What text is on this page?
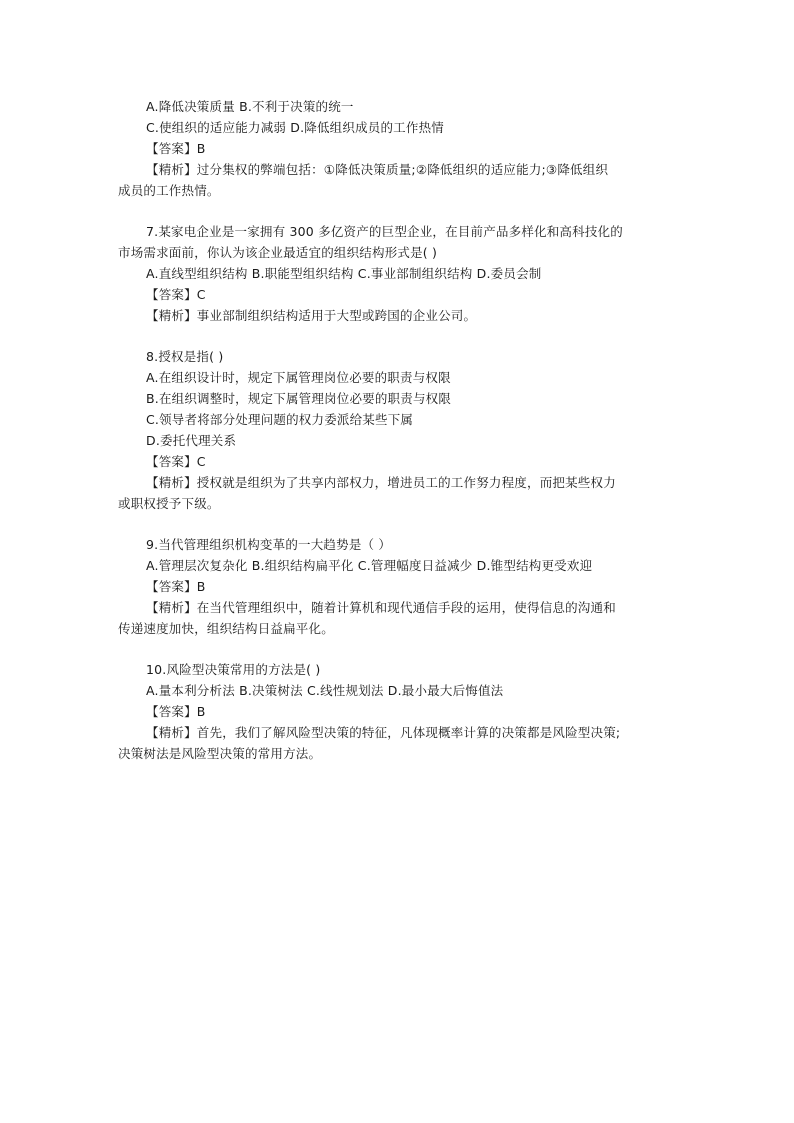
A.降低决策质量 B.不利于决策的统一
C.使组织的适应能力减弱 D.降低组织成员的工作热情
【答案】B
【精析】过分集权的弊端包括：①降低决策质量;②降低组织的适应能力;③降低组织
成员的工作热情。
7.某家电企业是一家拥有 300 多亿资产的巨型企业，在目前产品多样化和高科技化的
市场需求面前，你认为该企业最适宜的组织结构形式是( )
A.直线型组织结构 B.职能型组织结构 C.事业部制组织结构 D.委员会制
【答案】C
【精析】事业部制组织结构适用于大型或跨国的企业公司。
8.授权是指( )
A.在组织设计时，规定下属管理岗位必要的职责与权限
B.在组织调整时，规定下属管理岗位必要的职责与权限
C.领导者将部分处理问题的权力委派给某些下属
D.委托代理关系
【答案】C
【精析】授权就是组织为了共享内部权力，增进员工的工作努力程度，而把某些权力
或职权授予下级。
9.当代管理组织机构变革的一大趋势是（ ）
A.管理层次复杂化 B.组织结构扁平化 C.管理幅度日益减少 D.锥型结构更受欢迎
【答案】B
【精析】在当代管理组织中，随着计算机和现代通信手段的运用，使得信息的沟通和
传递速度加快，组织结构日益扁平化。
10.风险型决策常用的方法是( )
A.量本利分析法 B.决策树法 C.线性规划法 D.最小最大后悔值法
【答案】B
【精析】首先，我们了解风险型决策的特征，凡体现概率计算的决策都是风险型决策;
决策树法是风险型决策的常用方法。
